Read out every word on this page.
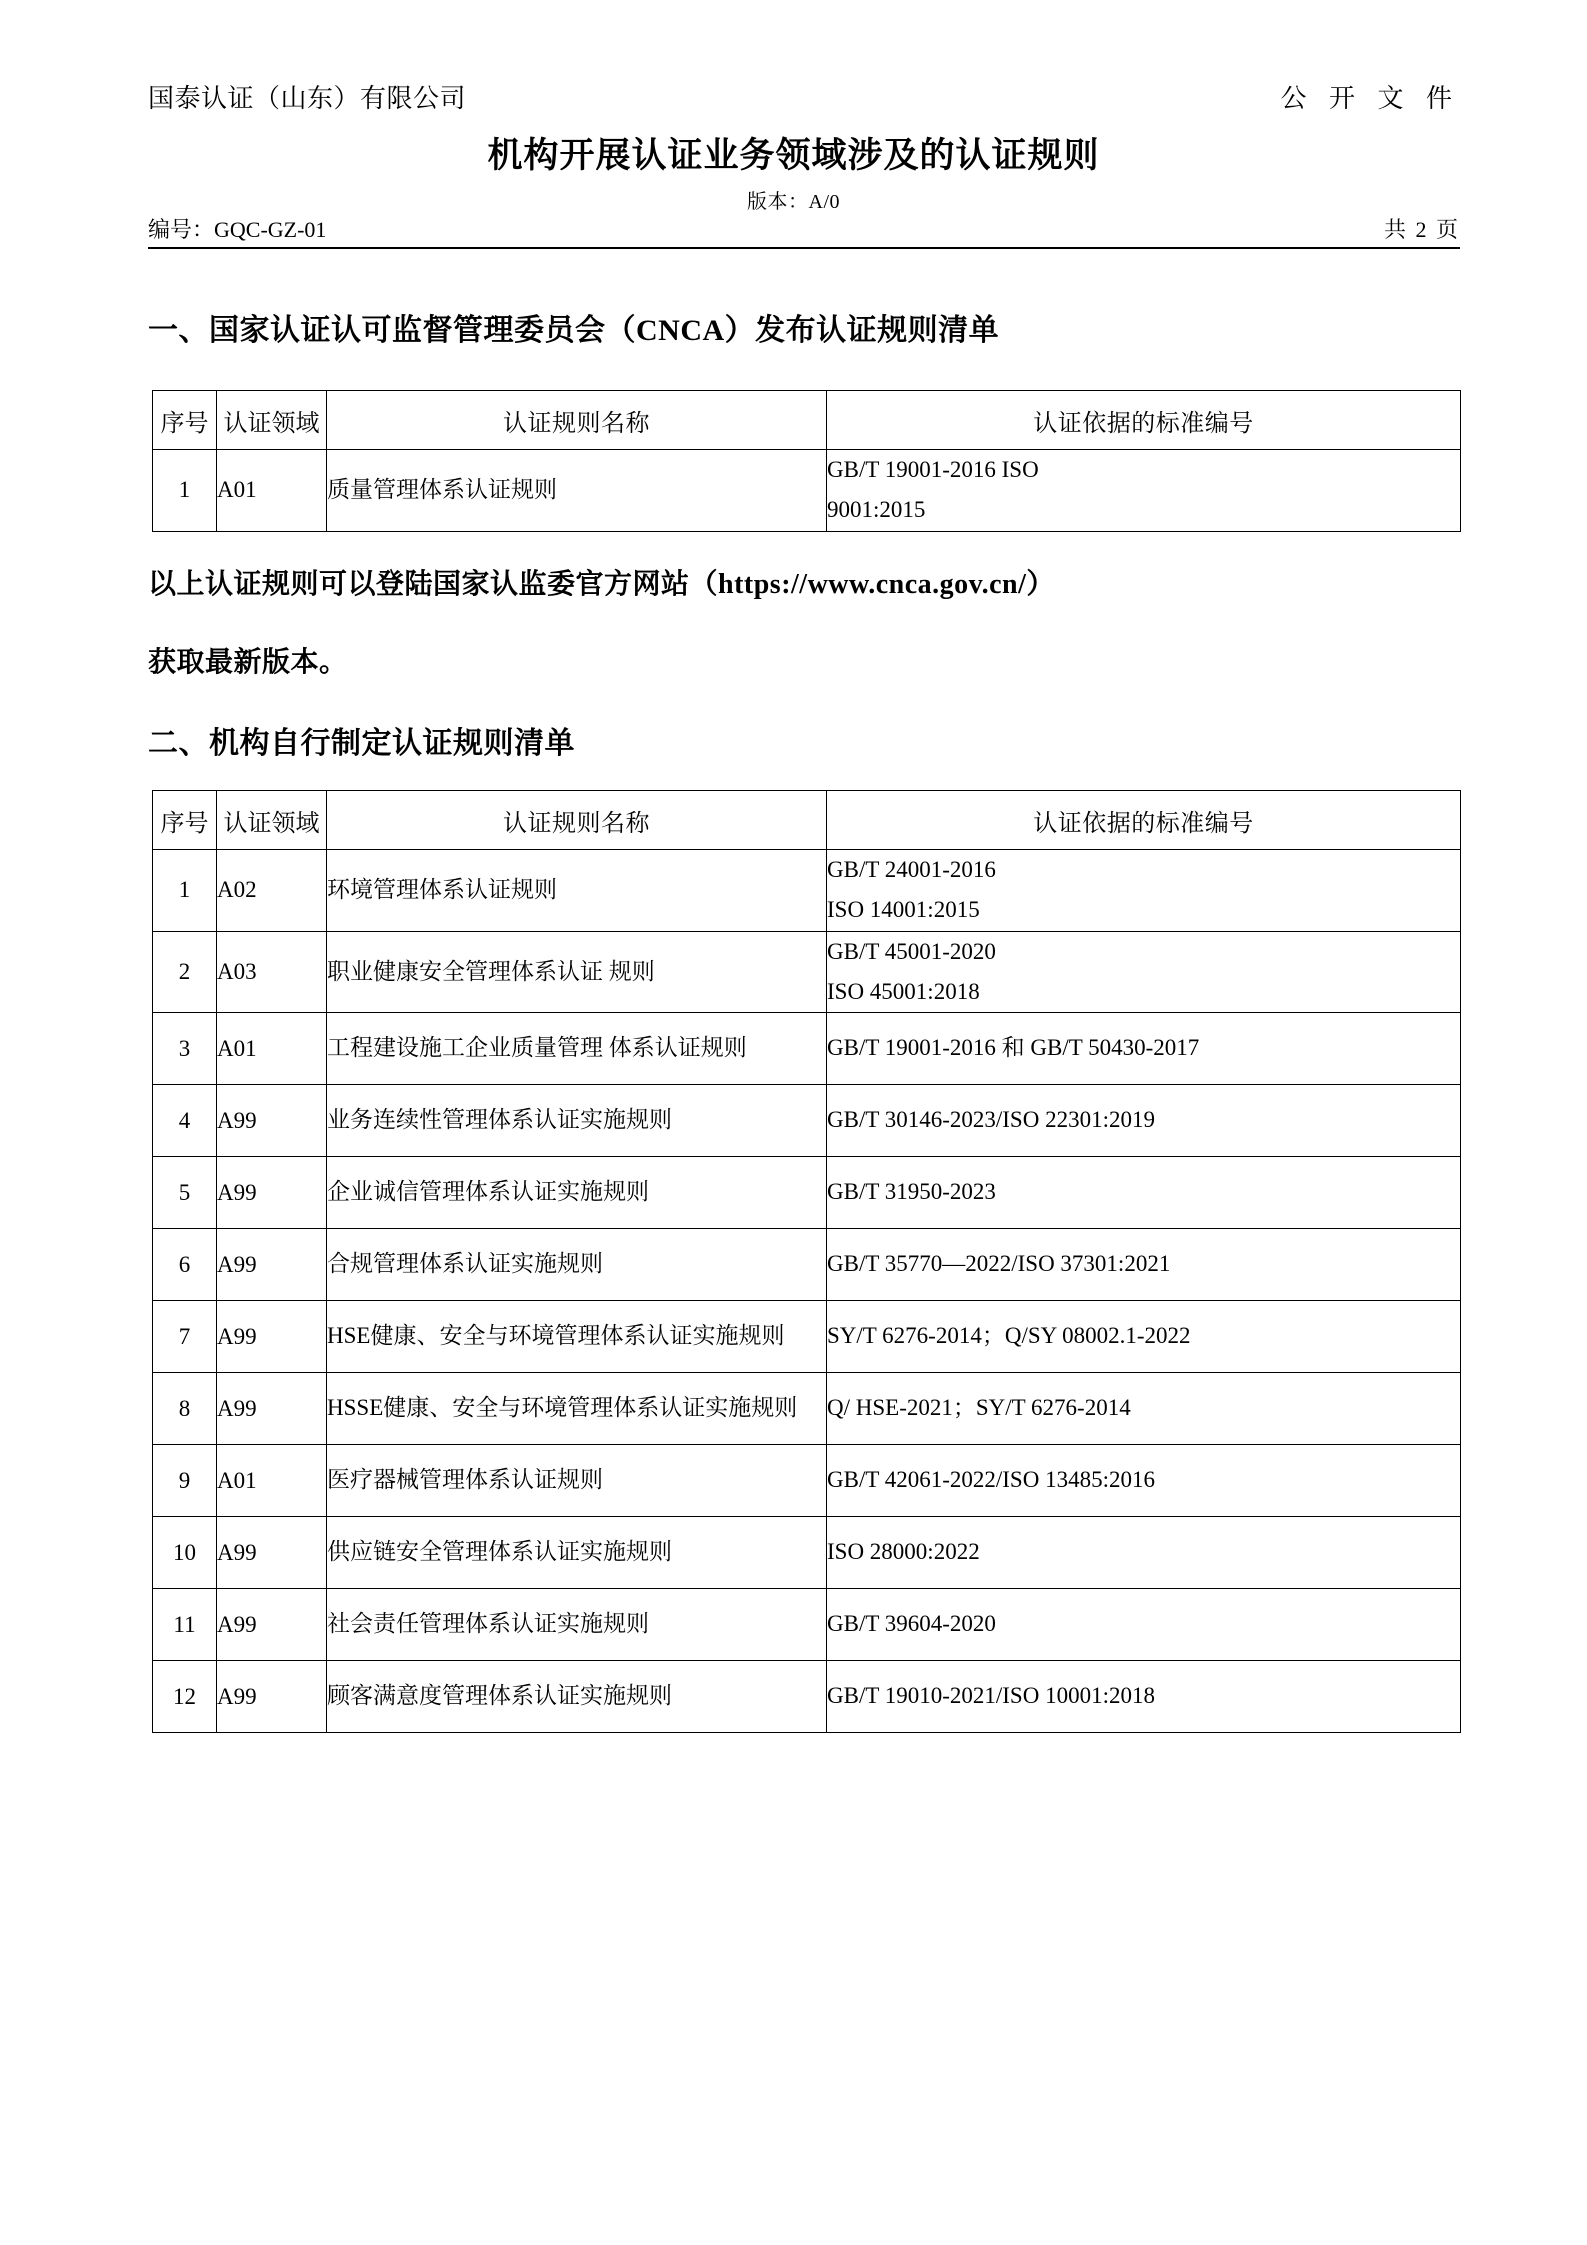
国泰认证（山东）有限公司	公 开 文 件
机构开展认证业务领域涉及的认证规则
版本：A/0
编号：GQC-GZ-01	共 2 页
一、国家认证认可监督管理委员会（CNCA）发布认证规则清单
序号	认证领域	认证规则名称	认证依据的标准编号
1	A01	质量管理体系认证规则	GB/T 19001-2016 ISO
9001:2015
以上认证规则可以登陆国家认监委官方网站（https://www.cnca.gov.cn/）
获取最新版本。
二、机构自行制定认证规则清单
序号	认证领域	认证规则名称	认证依据的标准编号
1	A02	环境管理体系认证规则	GB/T 24001-2016
ISO 14001:2015

2	A03	职业健康安全管理体系认证 规则	GB/T 45001-2020
ISO 45001:2018

3	A01	工程建设施工企业质量管理 体系认证规则	GB/T 19001-2016 和 GB/T 50430-2017

4	A99	业务连续性管理体系认证实施规则	GB/T 30146-2023/ISO 22301:2019

5	A99	企业诚信管理体系认证实施规则	GB/T 31950-2023

6	A99	合规管理体系认证实施规则	GB/T 35770—2022/ISO 37301:2021

7	A99	HSE健康、安全与环境管理体系认证实施规则	SY/T 6276-2014；Q/SY 08002.1-2022

8	A99	HSSE健康、安全与环境管理体系认证实施规则	Q/ HSE-2021；SY/T 6276-2014

9	A01	医疗器械管理体系认证规则	GB/T 42061-2022/ISO 13485:2016

10	A99	供应链安全管理体系认证实施规则	ISO 28000:2022

11	A99	社会责任管理体系认证实施规则	GB/T 39604-2020

12	A99	顾客满意度管理体系认证实施规则	GB/T 19010-2021/ISO 10001:2018
